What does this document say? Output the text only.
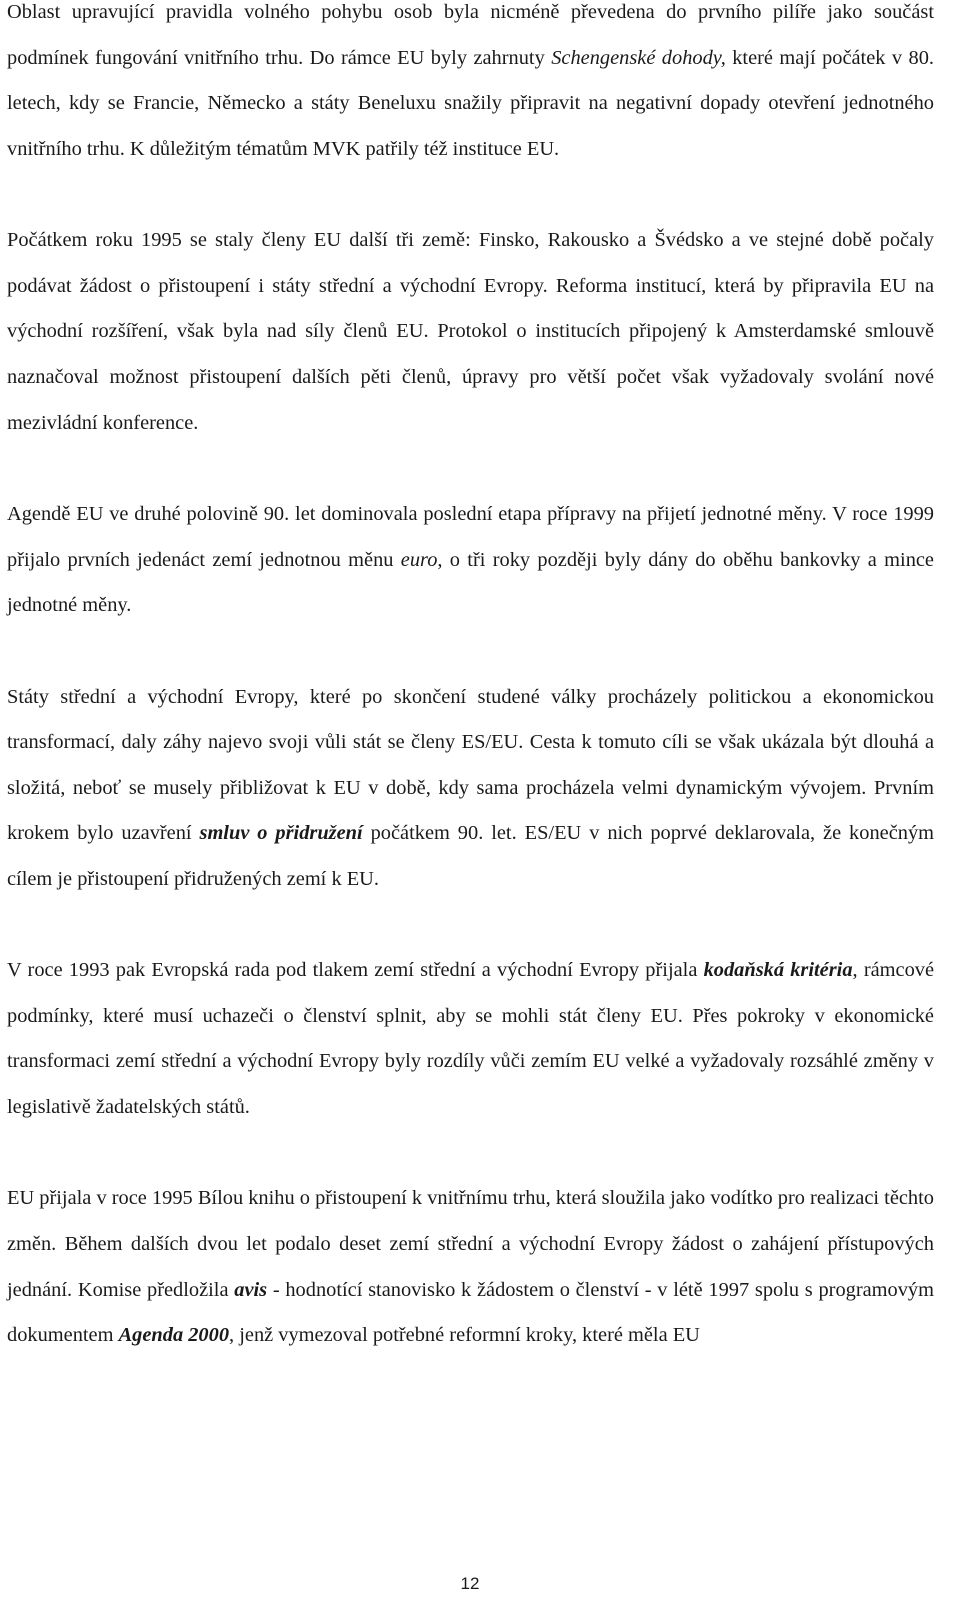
Oblast upravující pravidla volného pohybu osob byla nicméně převedena do prvního pilíře jako součást podmínek fungování vnitřního trhu. Do rámce EU byly zahrnuty Schengenské dohody, které mají počátek v 80. letech, kdy se Francie, Německo a státy Beneluxu snažily připravit na negativní dopady otevření jednotného vnitřního trhu. K důležitým tématům MVK patřily též instituce EU.

Počátkem roku 1995 se staly členy EU další tři země: Finsko, Rakousko a Švédsko a ve stejné době počaly podávat žádost o přistoupení i státy střední a východní Evropy. Reforma institucí, která by připravila EU na východní rozšíření, však byla nad síly členů EU. Protokol o institucích připojený k Amsterdamské smlouvě naznačoval možnost přistoupení dalších pěti členů, úpravy pro větší počet však vyžadovaly svolání nové mezivládní konference.

Agendě EU ve druhé polovině 90. let dominovala poslední etapa přípravy na přijetí jednotné měny. V roce 1999 přijalo prvních jedenáct zemí jednotnou měnu euro, o tři roky později byly dány do oběhu bankovky a mince jednotné měny.

Státy střední a východní Evropy, které po skončení studené války procházely politickou a ekonomickou transformací, daly záhy najevo svoji vůli stát se členy ES/EU. Cesta k tomuto cíli se však ukázala být dlouhá a složitá, neboť se musely přibližovat k EU v době, kdy sama procházela velmi dynamickým vývojem. Prvním krokem bylo uzavření smluv o přidružení počátkem 90. let. ES/EU v nich poprvé deklarovala, že konečným cílem je přistoupení přidružených zemí k EU.

V roce 1993 pak Evropská rada pod tlakem zemí střední a východní Evropy přijala kodaňská kritéria, rámcové podmínky, které musí uchazeči o členství splnit, aby se mohli stát členy EU. Přes pokroky v ekonomické transformaci zemí střední a východní Evropy byly rozdíly vůči zemím EU velké a vyžadovaly rozsáhlé změny v legislativě žadatelských států.

EU přijala v roce 1995 Bílou knihu o přistoupení k vnitřnímu trhu, která sloužila jako vodítko pro realizaci těchto změn. Během dalších dvou let podalo deset zemí střední a východní Evropy žádost o zahájení přístupových jednání. Komise předložila avis - hodnotící stanovisko k žádostem o členství - v létě 1997 spolu s programovým dokumentem Agenda 2000, jenž vymezoval potřebné reformní kroky, které měla EU

12
